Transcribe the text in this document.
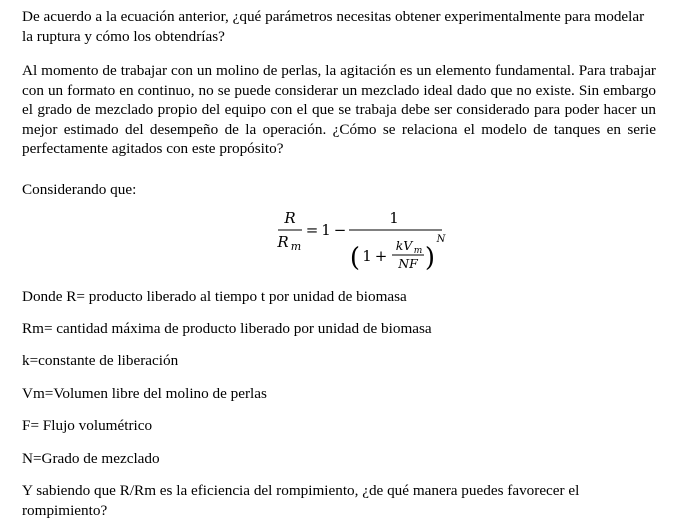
De acuerdo a la ecuación anterior, ¿qué parámetros necesitas obtener experimentalmente para modelar la ruptura y cómo los obtendrías?

Al momento de trabajar con un molino de perlas, la agitación es un elemento fundamental. Para trabajar con un formato en continuo, no se puede considerar un mezclado ideal dado que no existe. Sin embargo el grado de mezclado propio del equipo con el que se trabaja debe ser considerado para poder hacer un mejor estimado del desempeño de la operación. ¿Cómo se relaciona el modelo de tanques en serie perfectamente agitados con este propósito?

Considerando que:

R
R m
= 1 −
1
( 1 +
kV m
NF )
N

Donde R= producto liberado al tiempo t por unidad de biomasa

Rm= cantidad máxima de producto liberado por unidad de biomasa

k=constante de liberación

Vm=Volumen libre del molino de perlas

F= Flujo volumétrico

N=Grado de mezclado

Y sabiendo que R/Rm es la eficiencia del rompimiento, ¿de qué manera puedes favorecer el rompimiento?
